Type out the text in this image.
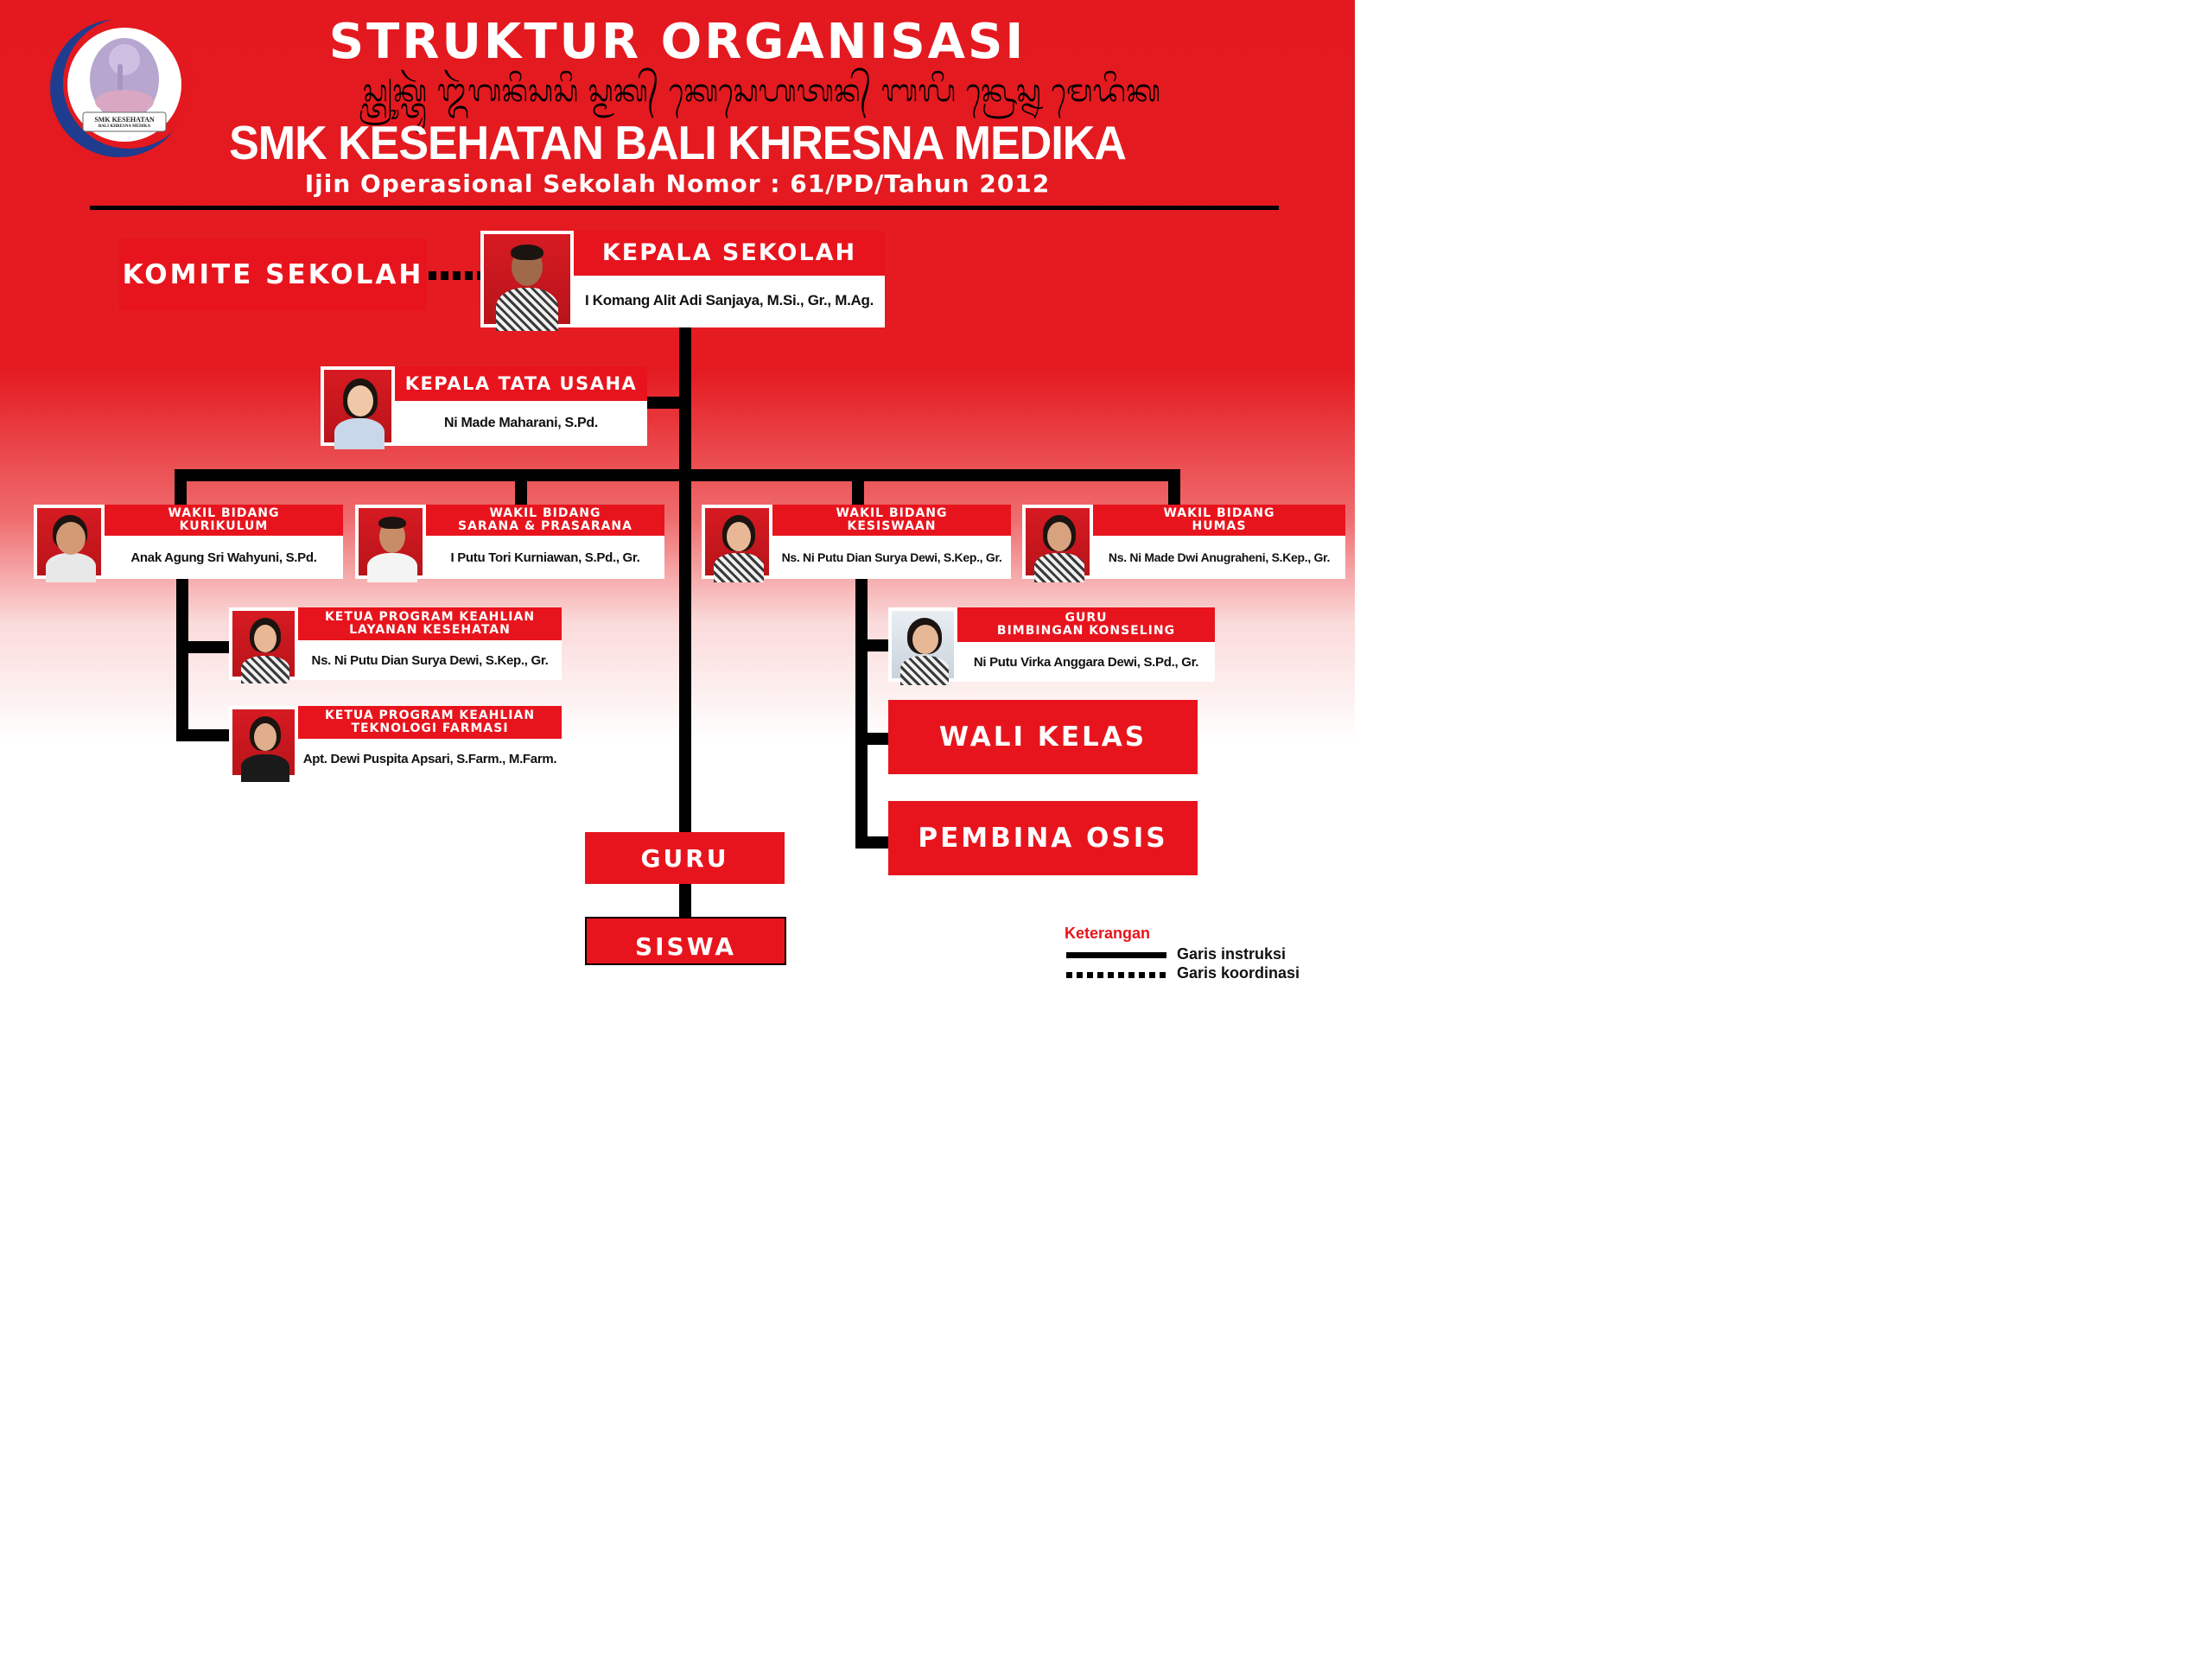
SMK KESEHATAN
BALI KHRESNA MEDIKA
STRUKTUR ORGANISASI
ᬲ᭄ᬢ᭄ᬭᬸᬓ᭄ᬢᬸᬃ ᬑᬃᬕᬦᬶᬲᬲᬶ ᬲ᭄ᬫᬓ᭄ ᬓᬾᬲᬾᬳᬢᬦ᭄ ᬩᬮᬶ ᬔ᭄ᬭᬾᬲ᭄ᬦ ᬫᬾᬤᬶᬓ
SMK KESEHATAN BALI KHRESNA MEDIKA
Ijin Operasional Sekolah Nomor : 61/PD/Tahun 2012
KOMITE SEKOLAH
KEPALA SEKOLAH
I Komang Alit Adi Sanjaya, M.Si., Gr., M.Ag.
KEPALA TATA USAHA
Ni Made Maharani, S.Pd.
WAKIL BIDANG
KURIKULUM
Anak Agung Sri Wahyuni, S.Pd.
WAKIL BIDANG
SARANA & PRASARANA
I Putu Tori Kurniawan, S.Pd., Gr.
WAKIL BIDANG
KESISWAAN
Ns. Ni Putu Dian Surya Dewi, S.Kep., Gr.
WAKIL BIDANG
HUMAS
Ns. Ni Made Dwi Anugraheni, S.Kep., Gr.
KETUA PROGRAM KEAHLIAN
LAYANAN KESEHATAN
Ns. Ni Putu Dian Surya Dewi, S.Kep., Gr.
KETUA PROGRAM KEAHLIAN
TEKNOLOGI FARMASI
Apt. Dewi Puspita Apsari, S.Farm., M.Farm.
GURU
BIMBINGAN KONSELING
Ni Putu Virka Anggara Dewi, S.Pd., Gr.
WALI KELAS
PEMBINA OSIS
GURU
SISWA	Keterangan
Garis instruksi
Garis koordinasi
